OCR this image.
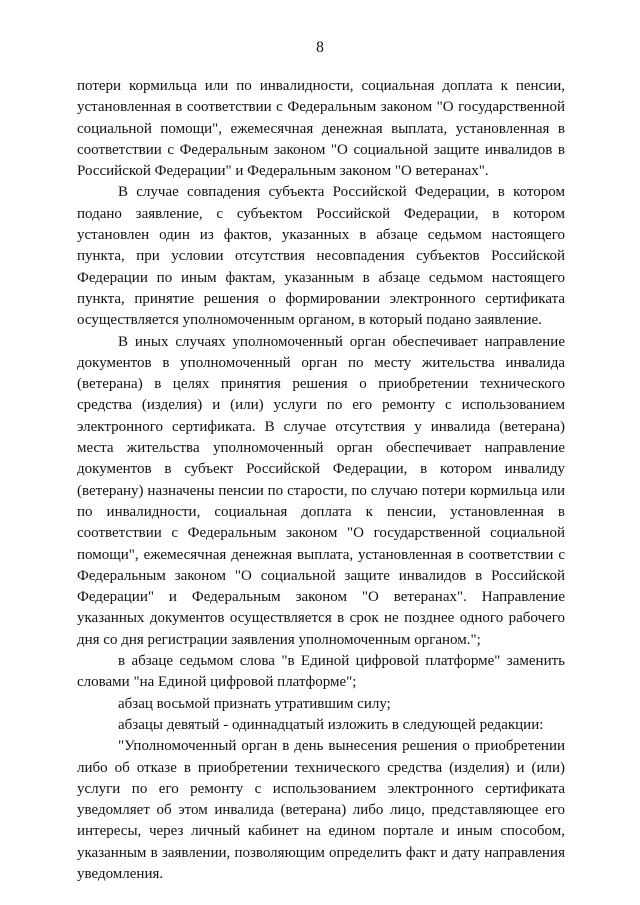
8

потери кормильца или по инвалидности, социальная доплата к пенсии, установленная в соответствии с Федеральным законом "О государственной социальной помощи", ежемесячная денежная выплата, установленная в соответствии с Федеральным законом "О социальной защите инвалидов в Российской Федерации" и Федеральным законом "О ветеранах".

В случае совпадения субъекта Российской Федерации, в котором подано заявление, с субъектом Российской Федерации, в котором установлен один из фактов, указанных в абзаце седьмом настоящего пункта, при условии отсутствия несовпадения субъектов Российской Федерации по иным фактам, указанным в абзаце седьмом настоящего пункта, принятие решения о формировании электронного сертификата осуществляется уполномоченным органом, в который подано заявление.

В иных случаях уполномоченный орган обеспечивает направление документов в уполномоченный орган по месту жительства инвалида (ветерана) в целях принятия решения о приобретении технического средства (изделия) и (или) услуги по его ремонту с использованием электронного сертификата. В случае отсутствия у инвалида (ветерана) места жительства уполномоченный орган обеспечивает направление документов в субъект Российской Федерации, в котором инвалиду (ветерану) назначены пенсии по старости, по случаю потери кормильца или по инвалидности, социальная доплата к пенсии, установленная в соответствии с Федеральным законом "О государственной социальной помощи", ежемесячная денежная выплата, установленная в соответствии с Федеральным законом "О социальной защите инвалидов в Российской Федерации" и Федеральным законом "О ветеранах". Направление указанных документов осуществляется в срок не позднее одного рабочего дня со дня регистрации заявления уполномоченным органом.";

в абзаце седьмом слова "в Единой цифровой платформе" заменить словами "на Единой цифровой платформе";

абзац восьмой признать утратившим силу;

абзацы девятый - одиннадцатый изложить в следующей редакции:

"Уполномоченный орган в день вынесения решения о приобретении либо об отказе в приобретении технического средства (изделия) и (или) услуги по его ремонту с использованием электронного сертификата уведомляет об этом инвалида (ветерана) либо лицо, представляющее его интересы, через личный кабинет на едином портале и иным способом, указанным в заявлении, позволяющим определить факт и дату направления уведомления.
